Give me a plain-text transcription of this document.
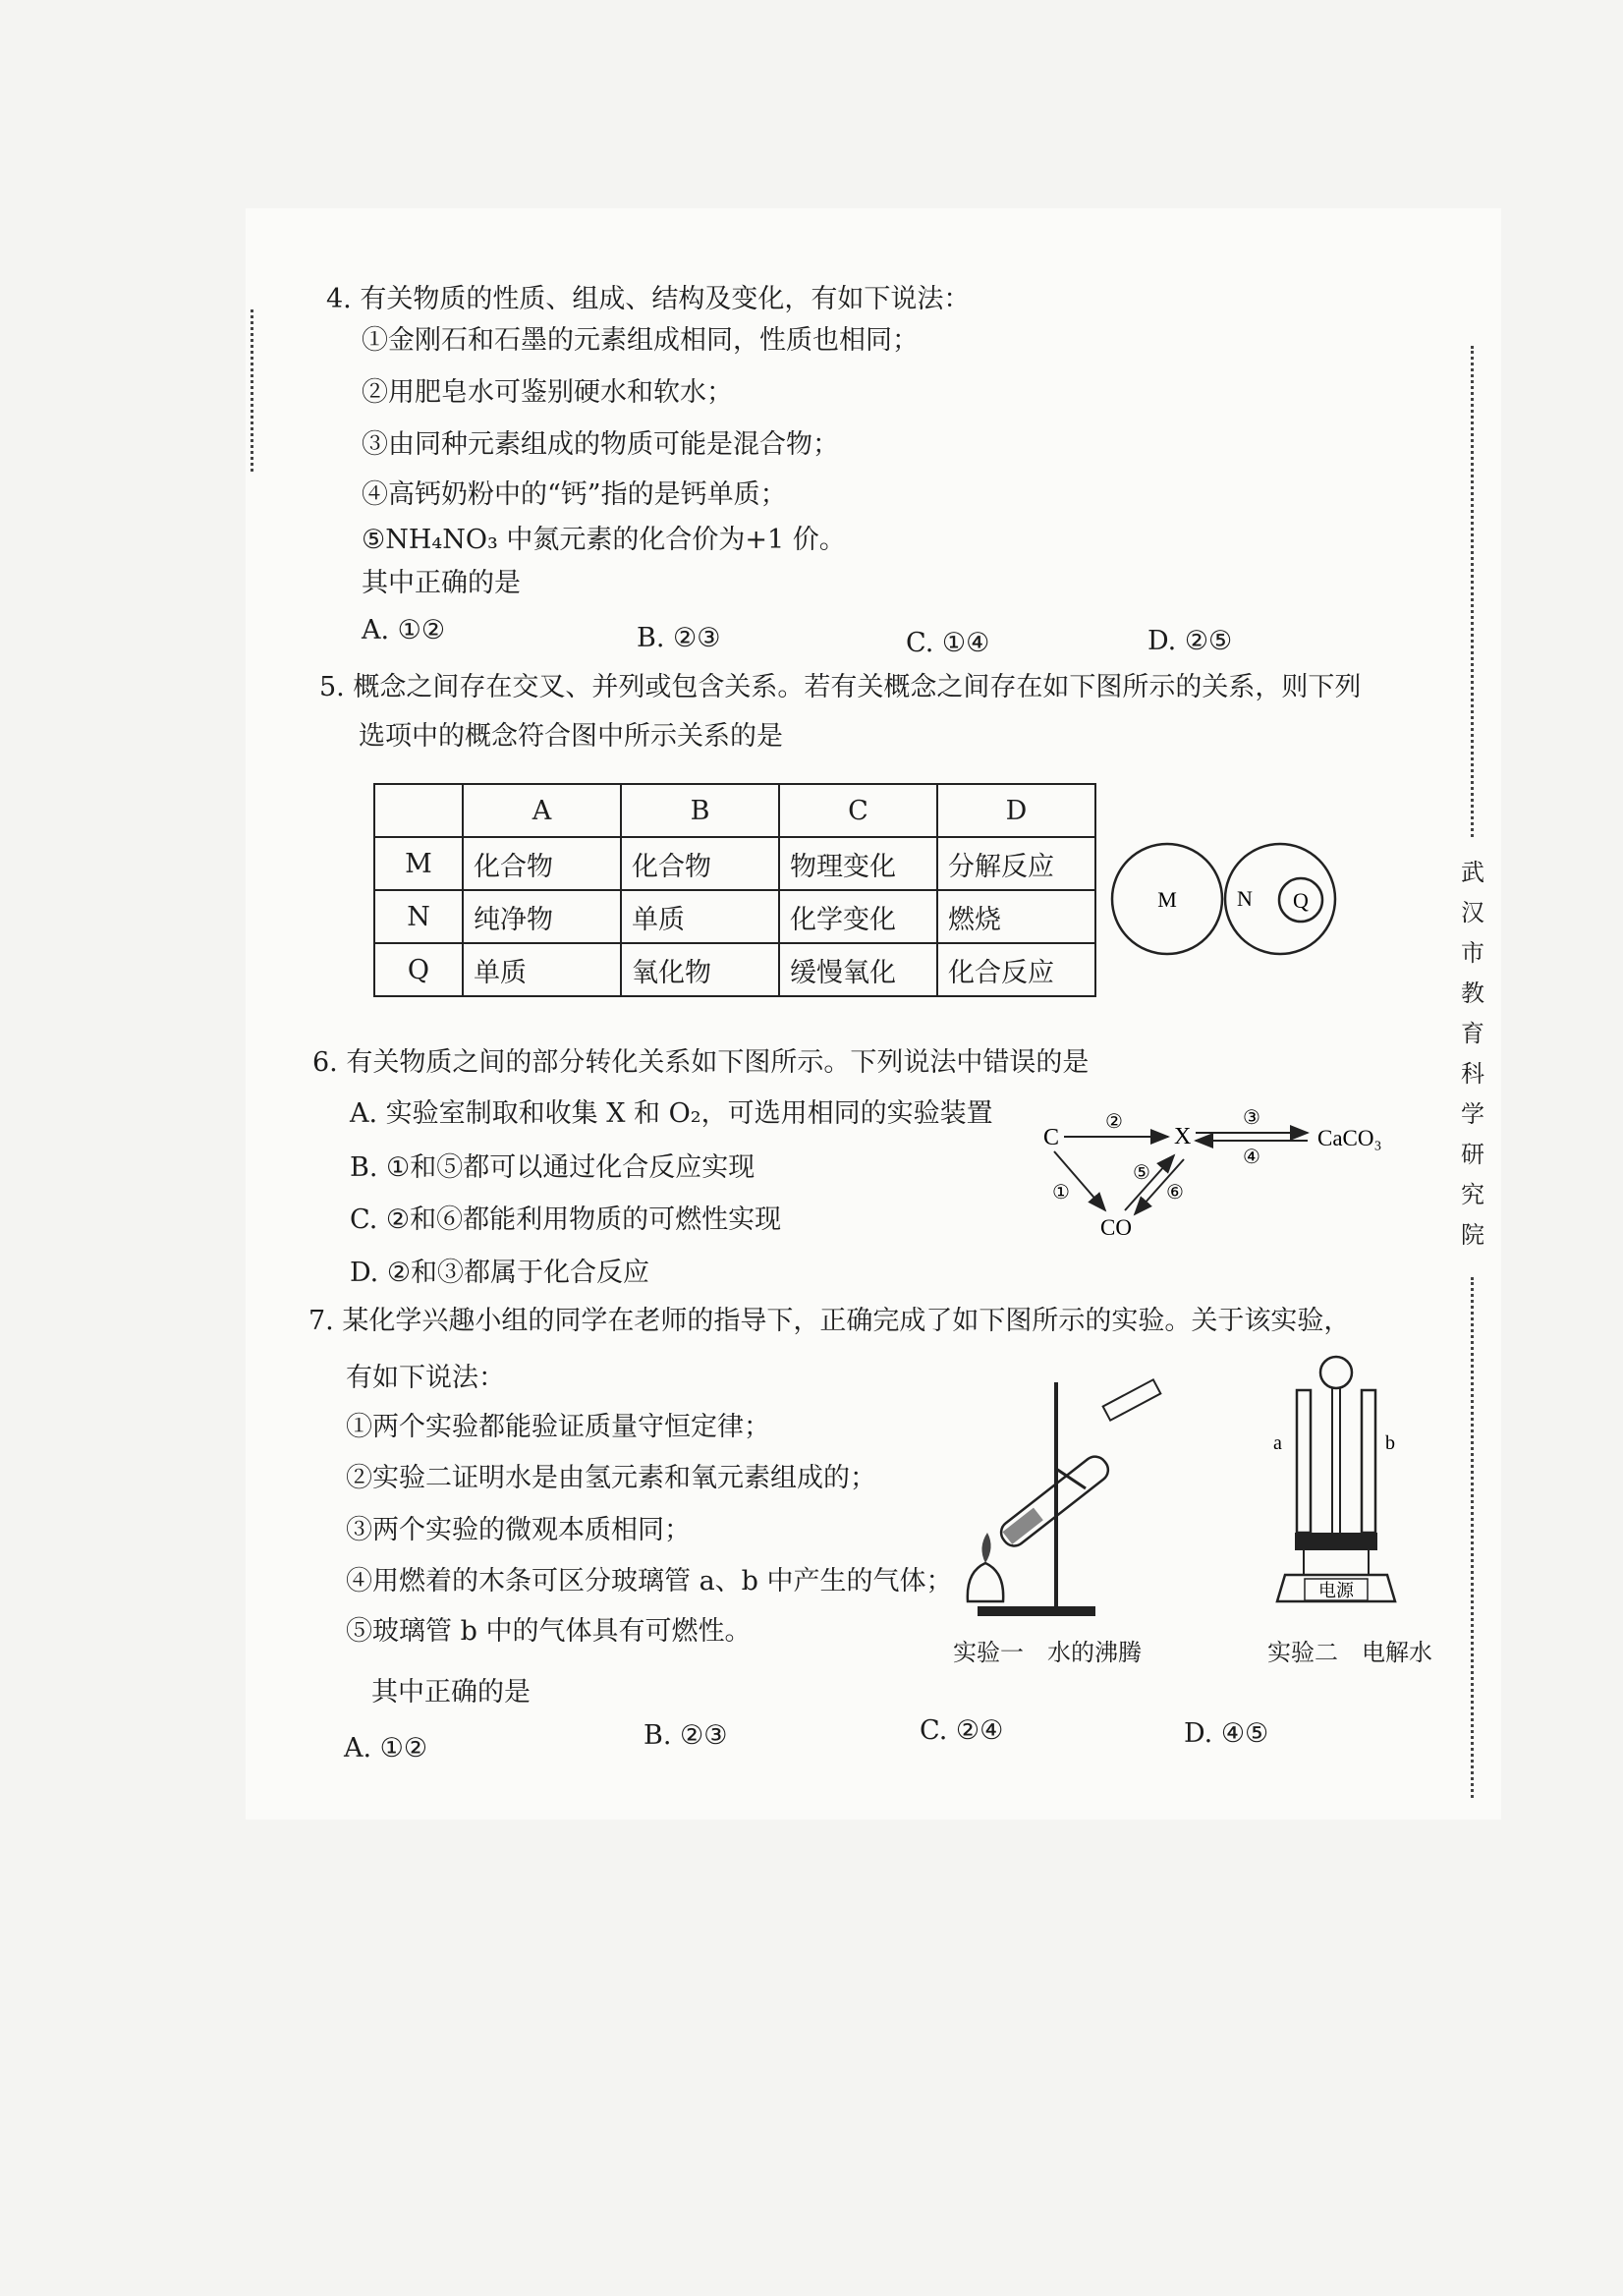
武
汉
市
教
育
科
学
研
究
院
4. 有关物质的性质、组成、结构及变化，有如下说法：
①金刚石和石墨的元素组成相同，性质也相同；
②用肥皂水可鉴别硬水和软水；
③由同种元素组成的物质可能是混合物；
④高钙奶粉中的“钙”指的是钙单质；
⑤NH₄NO₃ 中氮元素的化合价为+1 价。
其中正确的是
A. ①②	B. ②③	C. ①④	D. ②⑤
5. 概念之间存在交叉、并列或包含关系。若有关概念之间存在如下图所示的关系，则下列
选项中的概念符合图中所示关系的是
	A	B	C	D
M	化合物	化合物	物理变化	分解反应
N	纯净物	单质	化学变化	燃烧
Q	单质	氧化物	缓慢氧化	化合反应
M	N Q
6. 有关物质之间的部分转化关系如下图所示。下列说法中错误的是
A. 实验室制取和收集 X 和 O₂，可选用相同的实验装置
B. ①和⑤都可以通过化合反应实现
C. ②和⑥都能利用物质的可燃性实现
D. ②和③都属于化合反应
C	X	CaCO₃
CO
②	③
④
①
⑤
⑥
7. 某化学兴趣小组的同学在老师的指导下，正确完成了如下图所示的实验。关于该实验，
有如下说法：
①两个实验都能验证质量守恒定律；
②实验二证明水是由氢元素和氧元素组成的；
③两个实验的微观本质相同；
④用燃着的木条可区分玻璃管 a、b 中产生的气体；
⑤玻璃管 b 中的气体具有可燃性。
其中正确的是
A. ①②	B. ②③	C. ②④	D. ④⑤
实验一　水的沸腾
a	b
电源
实验二　电解水
